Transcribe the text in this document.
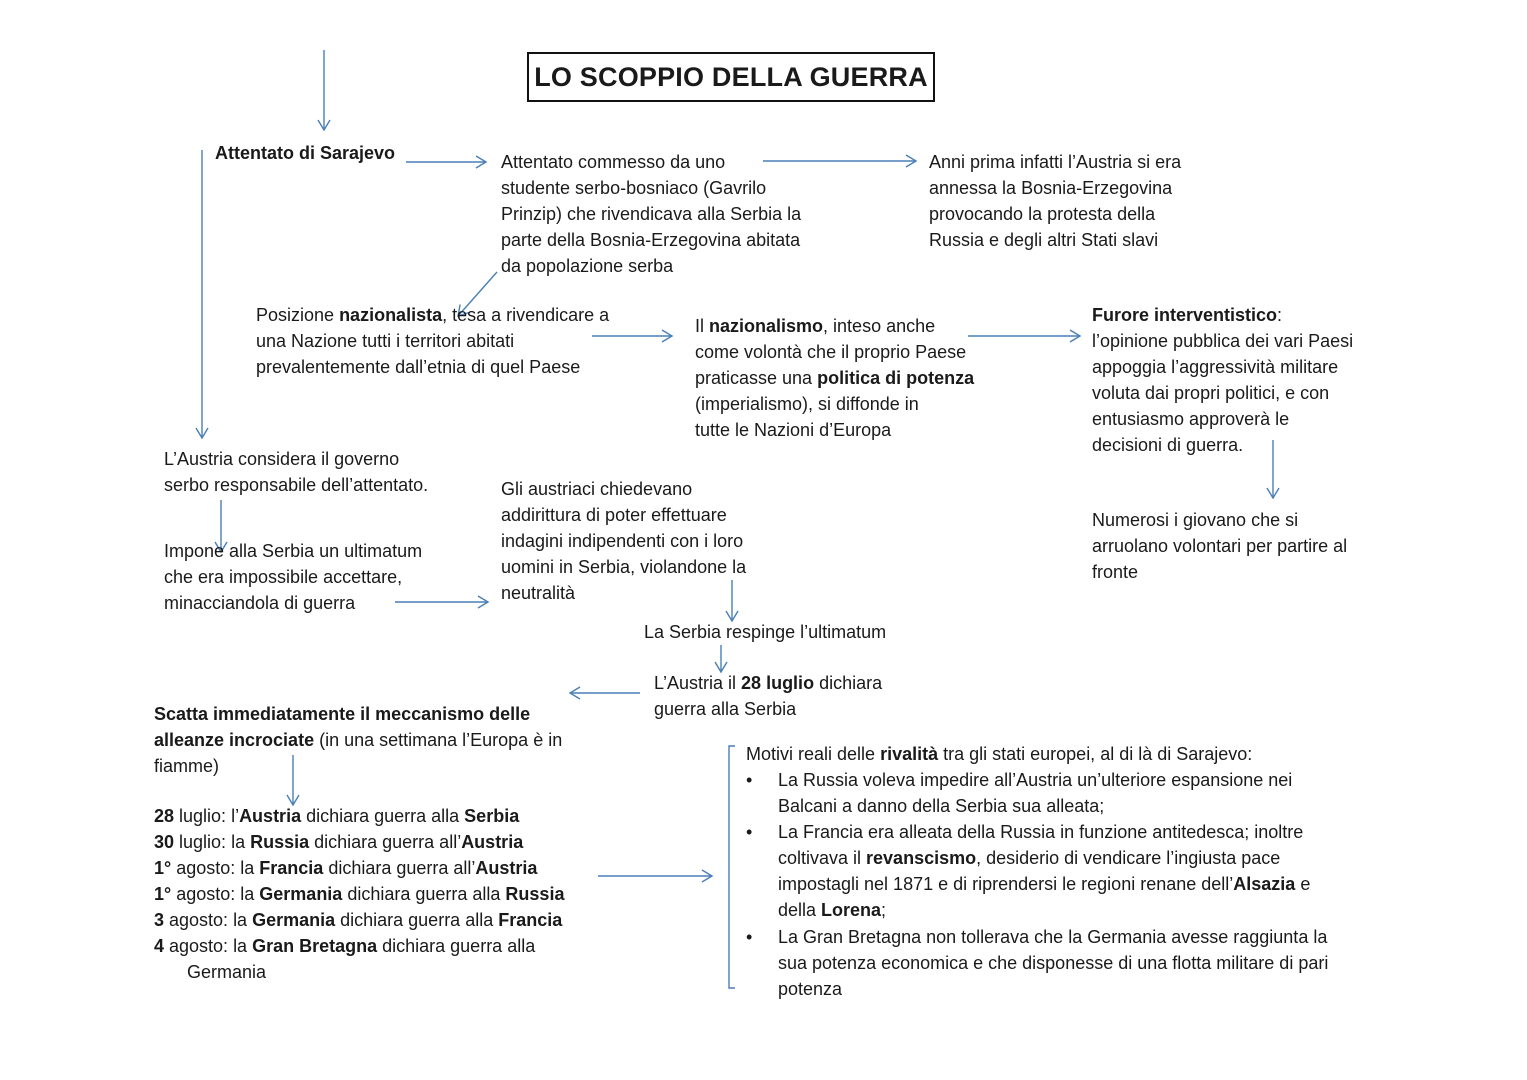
LO SCOPPIO DELLA GUERRA
Attentato di Sarajevo	Attentato commesso da uno
studente serbo-bosniaco (Gavrilo
Prinzip) che rivendicava alla Serbia la
parte della Bosnia-Erzegovina abitata
da popolazione serba
Anni prima infatti l’Austria si era
annessa la Bosnia-Erzegovina
provocando la protesta della
Russia e degli altri Stati slavi
Posizione nazionalista, tesa a rivendicare a
una Nazione tutti i territori abitati
prevalentemente dall’etnia di quel Paese
Il nazionalismo, inteso anche
come volontà che il proprio Paese
praticasse una politica di potenza
(imperialismo), si diffonde in
tutte le Nazioni d’Europa
Furore interventistico:
l’opinione pubblica dei vari Paesi
appoggia l’aggressività militare
voluta dai propri politici, e con
entusiasmo approverà le
decisioni di guerra.
Numerosi i giovano che si
arruolano volontari per partire al
fronte
L’Austria considera il governo
serbo responsabile dell’attentato.
Impone alla Serbia un ultimatum
che era impossibile accettare,
minacciandola di guerra
Gli austriaci chiedevano
addirittura di poter effettuare
indagini indipendenti con i loro
uomini in Serbia, violandone la
neutralità
La Serbia respinge l’ultimatum
L’Austria il 28 luglio dichiara
guerra alla Serbia
Scatta immediatamente il meccanismo delle
alleanze incrociate (in una settimana l’Europa è in
fiamme)
28 luglio: l’Austria dichiara guerra alla Serbia
30 luglio: la Russia dichiara guerra all’Austria
1° agosto: la Francia dichiara guerra all’Austria
1° agosto: la Germania dichiara guerra alla Russia
3 agosto: la Germania dichiara guerra alla Francia
4 agosto: la Gran Bretagna dichiara guerra alla
Germania
Motivi reali delle rivalità tra gli stati europei, al di là di Sarajevo:
• La Russia voleva impedire all’Austria un’ulteriore espansione nei
Balcani a danno della Serbia sua alleata;
• La Francia era alleata della Russia in funzione antitedesca; inoltre
coltivava il revanscismo, desiderio di vendicare l’ingiusta pace
impostagli nel 1871 e di riprendersi le regioni renane dell’Alsazia e
della Lorena;
• La Gran Bretagna non tollerava che la Germania avesse raggiunta la
sua potenza economica e che disponesse di una flotta militare di pari
potenza
